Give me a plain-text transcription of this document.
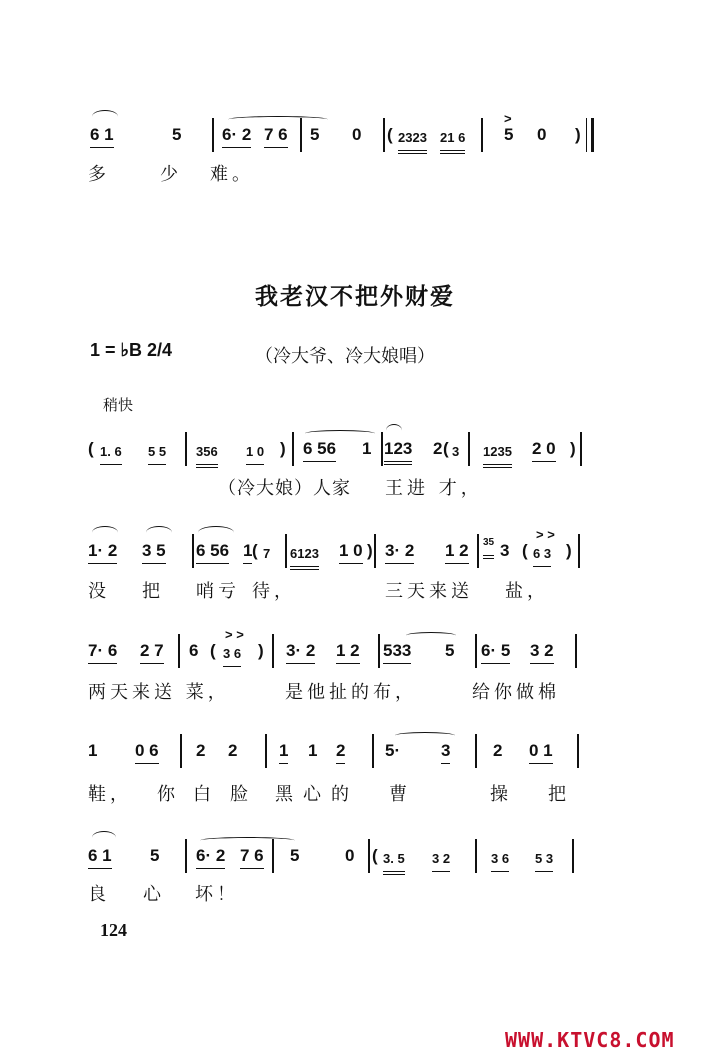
6 1	5 6· 2 7 6 5 0 ( 2323 21 6
>
5 0 )
多	少 难。
我老汉不把外财爱
1 = ♭B 2/4	（冷大爷、冷大娘唱）
稍快
( 1. 6 5 5 356 1 0 ) 6 56 1 123 2 ( 3 1235 2 0 )
（冷大娘）人家 王进 才，
1· 2 3 5 6 56 1 ( 7 6123 1 0 ) 3· 2 1 2 35 3
> >
( 6 3 )
没 把 哨亏 待，	三天来送 盐，
7· 6 2 7 6
> >
( 3 6 ) 3· 2 1 2 533 5 6· 5 3 2
两天来送 菜，	是他扯的布，	给你做棉
1 0 6 2 2 1 1 2 5· 3	2 0 1
鞋， 你 白 脸 黑心的 曹	操 把
6 1 5 6· 2 7 6 5	0 ( 3. 5 3 2	3 6 5 3
良 心 坏！
124
WWW.KTVC8.COM
